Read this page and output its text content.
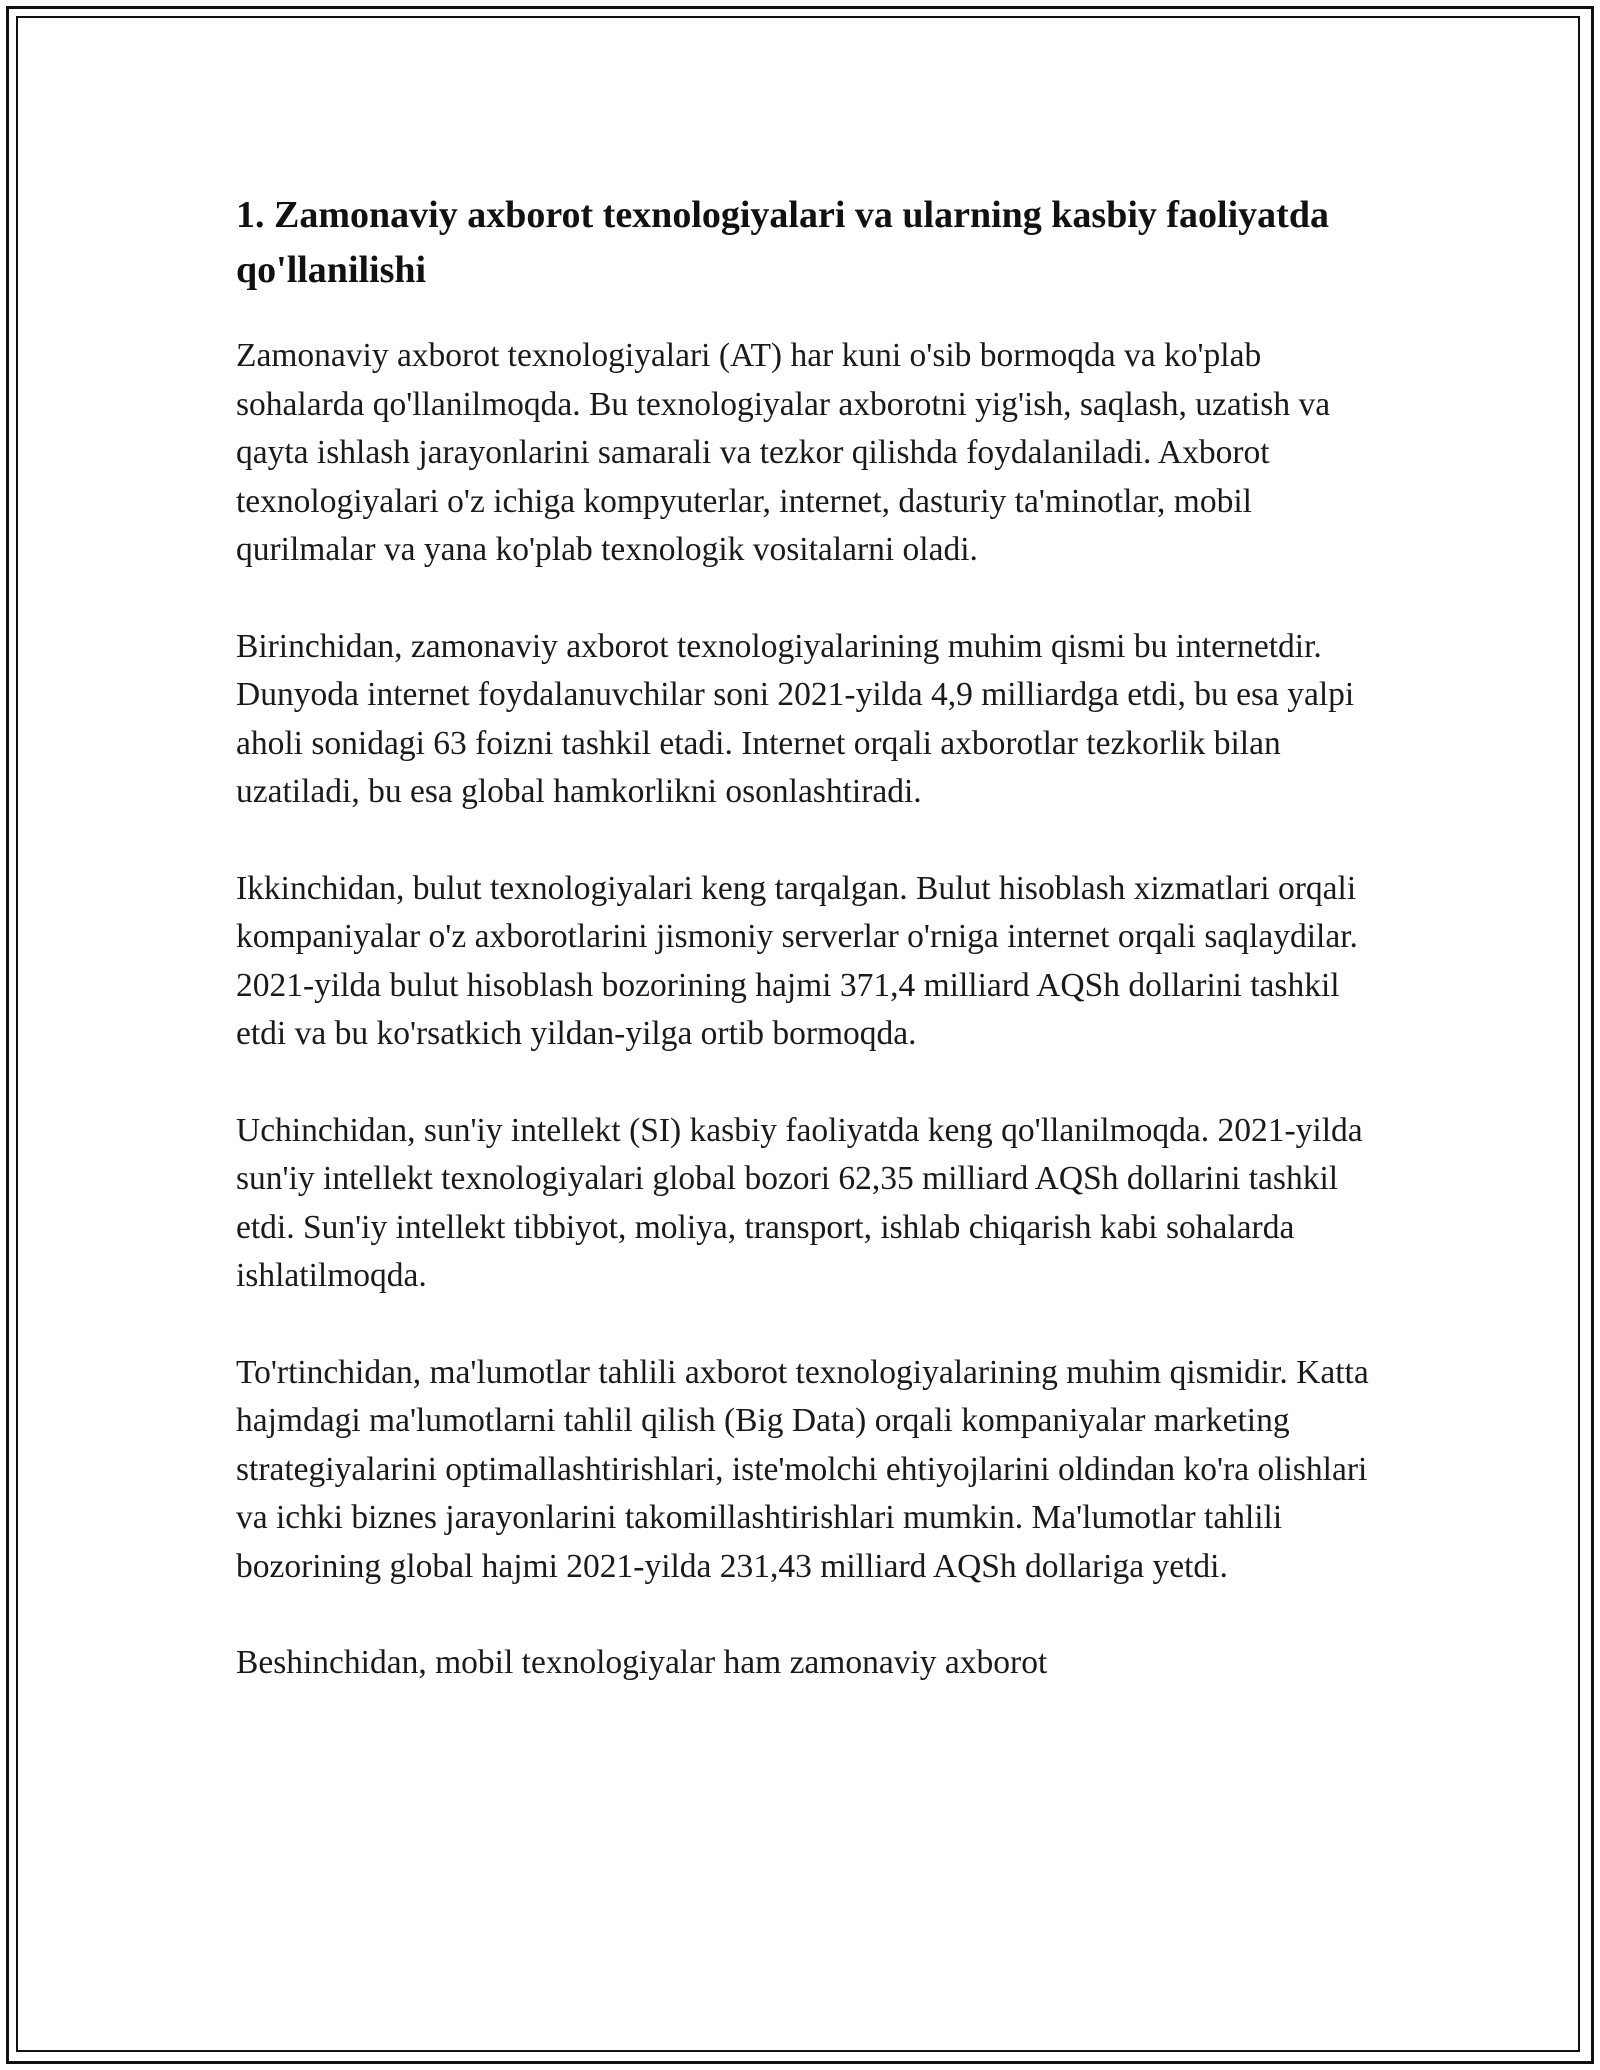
1. Zamonaviy axborot texnologiyalari va ularning kasbiy faoliyatda qo'llanilishi

Zamonaviy axborot texnologiyalari (AT) har kuni o'sib bormoqda va ko'plab sohalarda qo'llanilmoqda. Bu texnologiyalar axborotni yig'ish, saqlash, uzatish va qayta ishlash jarayonlarini samarali va tezkor qilishda foydalaniladi. Axborot texnologiyalari o'z ichiga kompyuterlar, internet, dasturiy ta'minotlar, mobil qurilmalar va yana ko'plab texnologik vositalarni oladi.

Birinchidan, zamonaviy axborot texnologiyalarining muhim qismi bu internetdir. Dunyoda internet foydalanuvchilar soni 2021-yilda 4,9 milliardga etdi, bu esa yalpi aholi sonidagi 63 foizni tashkil etadi. Internet orqali axborotlar tezkorlik bilan uzatiladi, bu esa global hamkorlikni osonlashtiradi.

Ikkinchidan, bulut texnologiyalari keng tarqalgan. Bulut hisoblash xizmatlari orqali kompaniyalar o'z axborotlarini jismoniy serverlar o'rniga internet orqali saqlaydilar. 2021-yilda bulut hisoblash bozorining hajmi 371,4 milliard AQSh dollarini tashkil etdi va bu ko'rsatkich yildan-yilga ortib bormoqda.

Uchinchidan, sun'iy intellekt (SI) kasbiy faoliyatda keng qo'llanilmoqda. 2021-yilda sun'iy intellekt texnologiyalari global bozori 62,35 milliard AQSh dollarini tashkil etdi. Sun'iy intellekt tibbiyot, moliya, transport, ishlab chiqarish kabi sohalarda ishlatilmoqda.

To'rtinchidan, ma'lumotlar tahlili axborot texnologiyalarining muhim qismidir. Katta hajmdagi ma'lumotlarni tahlil qilish (Big Data) orqali kompaniyalar marketing strategiyalarini optimallashtirishlari, iste'molchi ehtiyojlarini oldindan ko'ra olishlari va ichki biznes jarayonlarini takomillashtirishlari mumkin. Ma'lumotlar tahlili bozorining global hajmi 2021-yilda 231,43 milliard AQSh dollariga yetdi.

Beshinchidan, mobil texnologiyalar ham zamonaviy axborot
